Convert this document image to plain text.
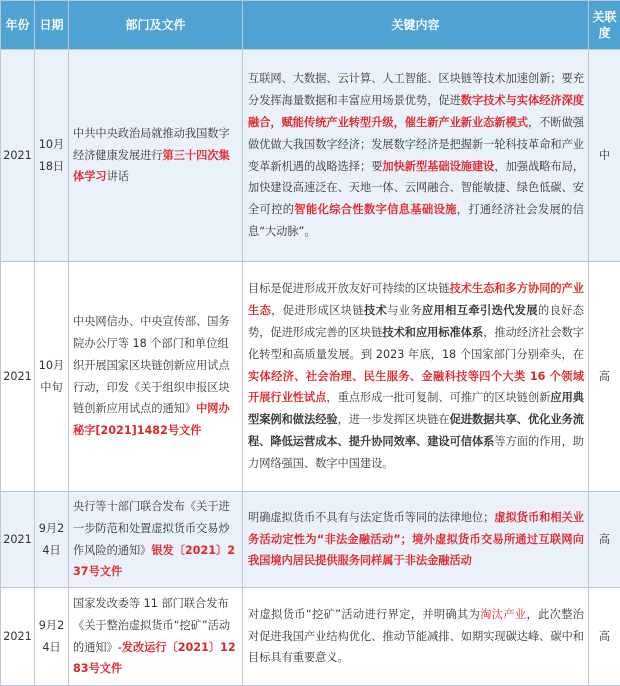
年份	日期	部门及文件	关键内容	关联度
2021	10月18日	中共中央政治局就推动我国数字经济健康发展进行第三十四次集体学习讲话	互联网、大数据、云计算、人工智能、区块链等技术加速创新；要充分发挥海量数据和丰富应用场景优势，促进数字技术与实体经济深度融合，赋能传统产业转型升级，催生新产业新业态新模式，不断做强做优做大我国数字经济；发展数字经济是把握新一轮科技革命和产业变革新机遇的战略选择；要加快新型基础设施建设，加强战略布局，加快建设高速泛在、天地一体、云网融合、智能敏捷、绿色低碳、安全可控的智能化综合性数字信息基础设施，打通经济社会发展的信息“大动脉”。	中
2021	10月中旬	中央网信办、中央宣传部、国务院办公厅等 18 个部门和单位组织开展国家区块链创新应用试点行动，印发《关于组织申报区块链创新应用试点的通知》中网办秘字[2021]1482号文件	目标是促进形成开放友好可持续的区块链技术生态和多方协同的产业生态，促进形成区块链技术与业务应用相互牵引迭代发展的良好态势，促进形成完善的区块链技术和应用标准体系，推动经济社会数字化转型和高质量发展。到 2023 年底，18 个国家部门分别牵头，在实体经济、社会治理、民生服务、金融科技等四个大类 16 个领域开展行业性试点，重点形成一批可复制、可推广的区块链创新应用典型案例和做法经验，进一步发挥区块链在促进数据共享、优化业务流程、降低运营成本、提升协同效率、建设可信体系等方面的作用，助力网络强国、数字中国建设。	高
2021	9月24日	央行等十部门联合发布《关于进一步防范和处置虚拟货币交易炒作风险的通知》银发〔2021〕237号文件	明确虚拟货币不具有与法定货币等同的法律地位；虚拟货币和相关业务活动定性为“非法金融活动”；境外虚拟货币交易所通过互联网向我国境内居民提供服务同样属于非法金融活动	高
2021	9月24日	国家发改委等 11 部门联合发布《关于整治虚拟货币“挖矿”活动的通知》-发改运行〔2021〕1283号文件	对虚拟货币“挖矿”活动进行界定，并明确其为淘汰产业，此次整治对促进我国产业结构优化、推动节能减排、如期实现碳达峰、碳中和目标具有重要意义。	高
